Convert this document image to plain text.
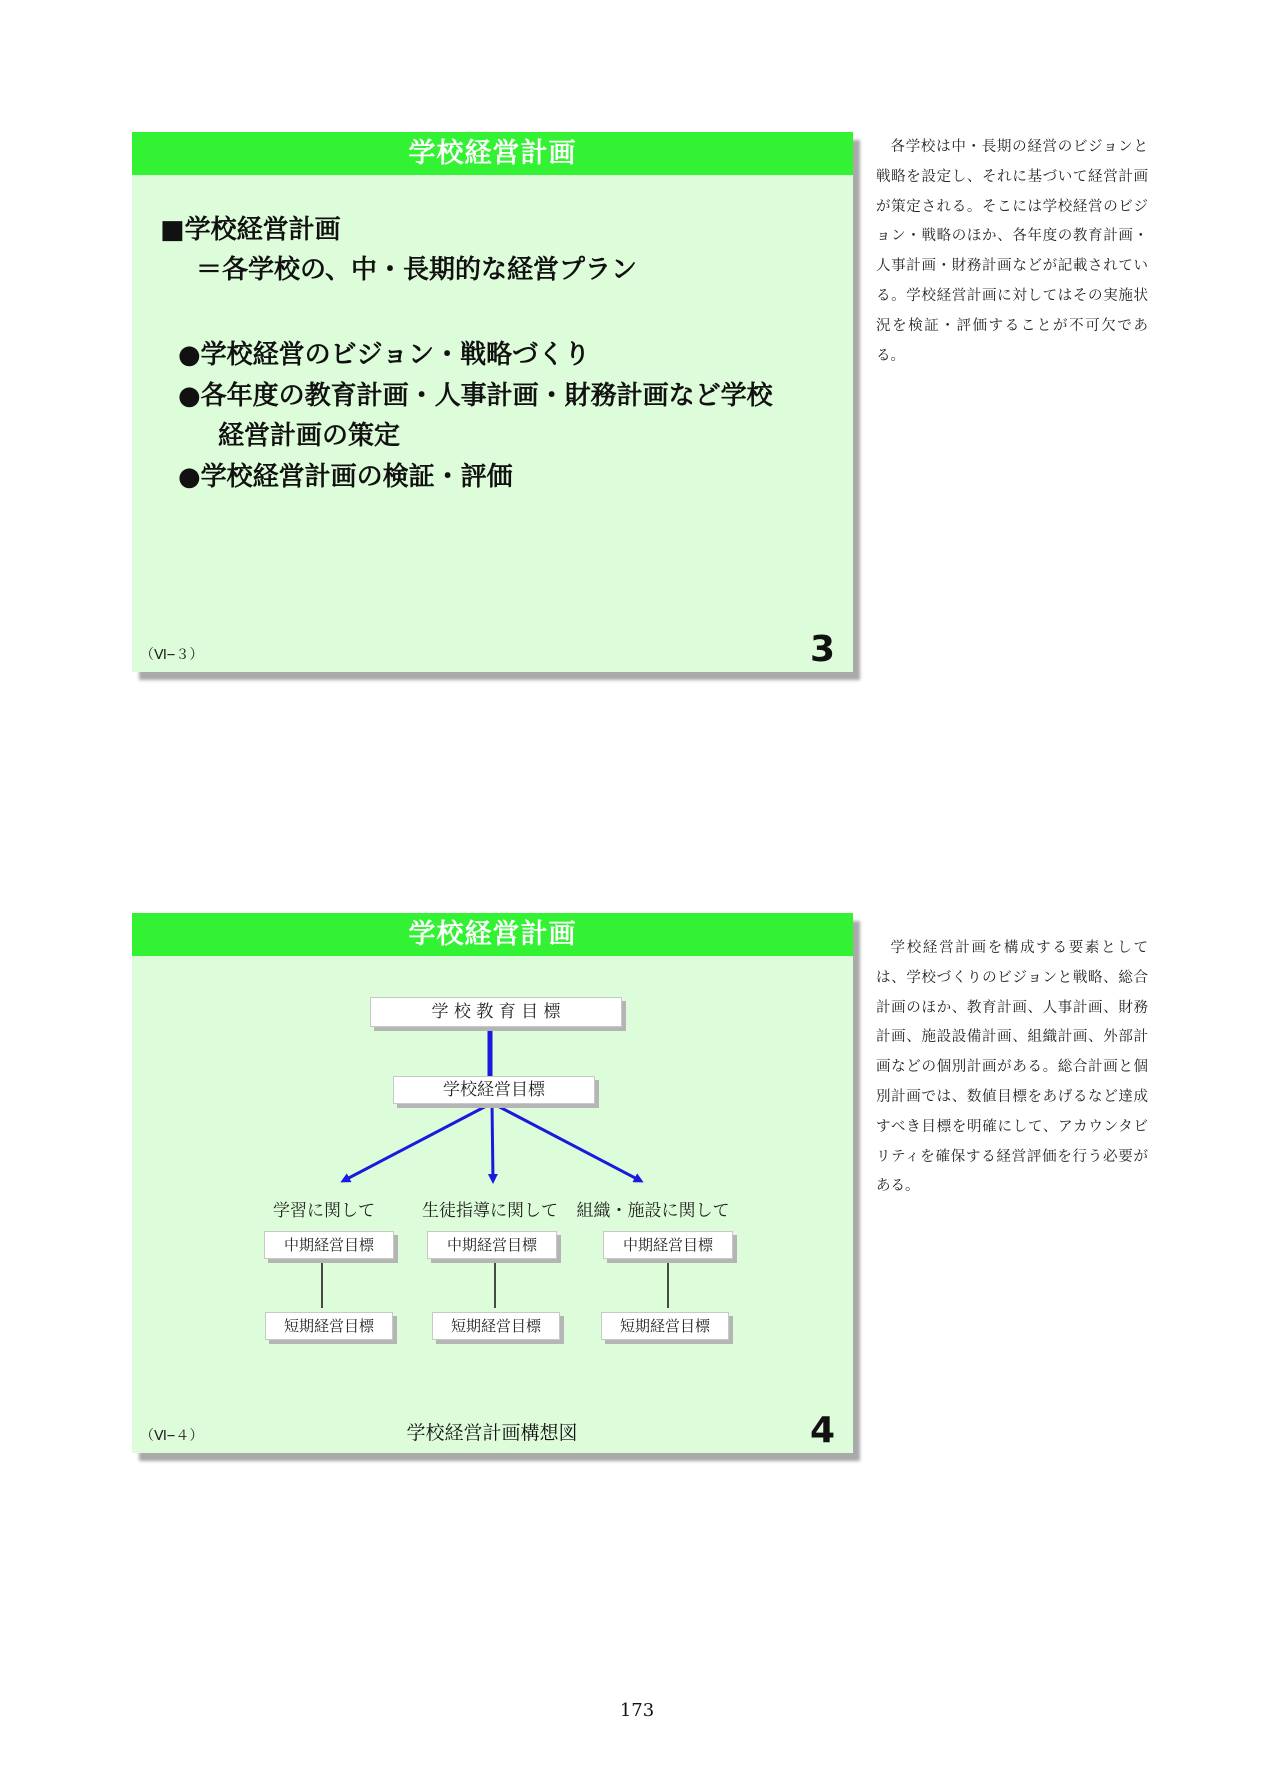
学校経営計画
■学校経営計画
＝各学校の、中・長期的な経営プラン
●学校経営のビジョン・戦略づくり
●各年度の教育計画・人事計画・財務計画など学校
経営計画の策定
●学校経営計画の検証・評価
（Ⅵ−３）	3
学校経営計画
学 校 教 育 目 標
学校経営目標
学習に関して	生徒指導に関して	組織・施設に関して
中期経営目標	中期経営目標	中期経営目標
短期経営目標	短期経営目標	短期経営目標
学校経営計画構想図
（Ⅵ−４）	4
各学校は中・長期の経営のビジョンと戦略を設定し、それに基づいて経営計画が策定される。そこには学校経営のビジョン・戦略のほか、各年度の教育計画・人事計画・財務計画などが記載されている。学校経営計画に対してはその実施状況を検証・評価することが不可欠である。
学校経営計画を構成する要素としては、学校づくりのビジョンと戦略、総合計画のほか、教育計画、人事計画、財務計画、施設設備計画、組織計画、外部計画などの個別計画がある。総合計画と個別計画では、数値目標をあげるなど達成すべき目標を明確にして、アカウンタビリティを確保する経営評価を行う必要がある。
173
